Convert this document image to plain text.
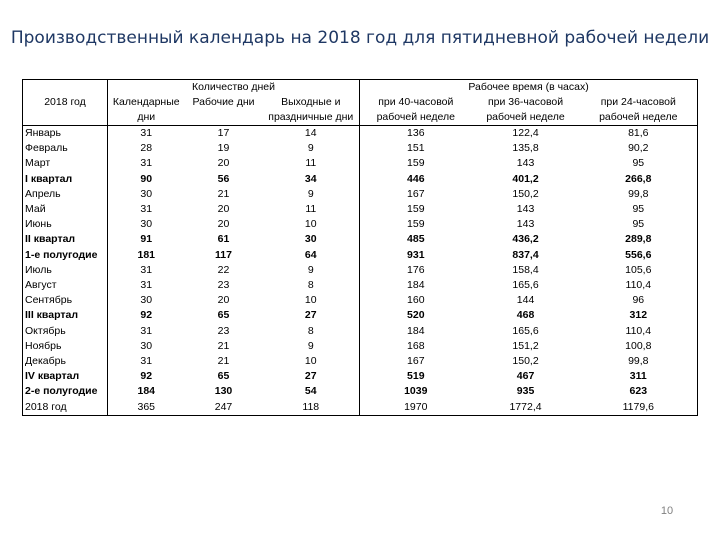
Производственный календарь на 2018 год для пятидневной рабочей недели
2018 год	Количество дней			Рабочее время (в часах)		
	Календарные	Рабочие дни	Выходные и	при 40-часовой	при 36-часовой	при 24-часовой
	дни		праздничные дни	рабочей неделе	рабочей неделе	рабочей неделе
Январь	31	17	14	136	122,4	81,6
Февраль	28	19	9	151	135,8	90,2
Март	31	20	11	159	143	95
I квартал	90	56	34	446	401,2	266,8
Апрель	30	21	9	167	150,2	99,8
Май	31	20	11	159	143	95
Июнь	30	20	10	159	143	95
II квартал	91	61	30	485	436,2	289,8
1-е полугодие	181	117	64	931	837,4	556,6
Июль	31	22	9	176	158,4	105,6
Август	31	23	8	184	165,6	110,4
Сентябрь	30	20	10	160	144	96
III квартал	92	65	27	520	468	312
Октябрь	31	23	8	184	165,6	110,4
Ноябрь	30	21	9	168	151,2	100,8
Декабрь	31	21	10	167	150,2	99,8
IV квартал	92	65	27	519	467	311
2-е полугодие	184	130	54	1039	935	623
2018 год	365	247	118	1970	1772,4	1179,6
10
